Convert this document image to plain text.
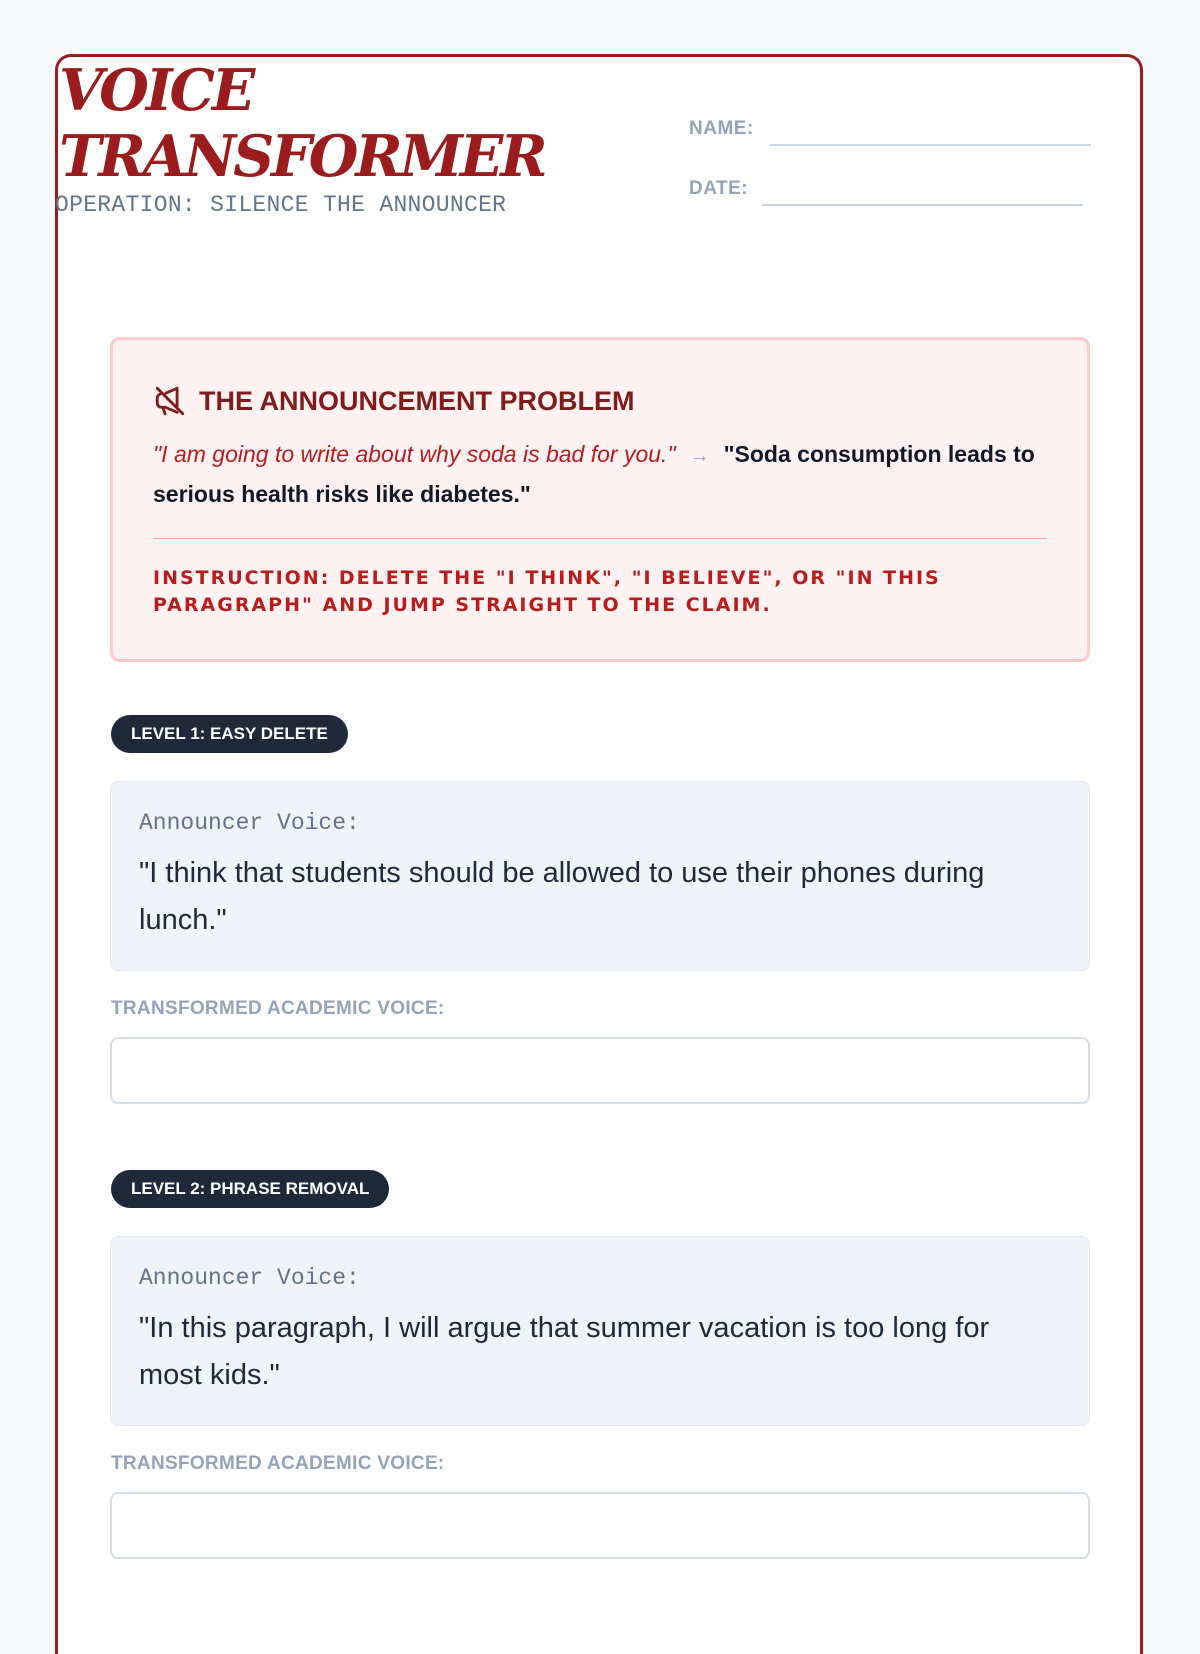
VOICE TRANSFORMER
OPERATION: SILENCE THE ANNOUNCER
NAME:
DATE:
THE ANNOUNCEMENT PROBLEM
"I am going to write about why soda is bad for you." → "Soda consumption leads to serious health risks like diabetes."
INSTRUCTION: DELETE THE "I THINK", "I BELIEVE", OR "IN THIS PARAGRAPH" AND JUMP STRAIGHT TO THE CLAIM.
LEVEL 1: EASY DELETE
Announcer Voice:
"I think that students should be allowed to use their phones during lunch."
TRANSFORMED ACADEMIC VOICE:
LEVEL 2: PHRASE REMOVAL
Announcer Voice:
"In this paragraph, I will argue that summer vacation is too long for most kids."
TRANSFORMED ACADEMIC VOICE:
